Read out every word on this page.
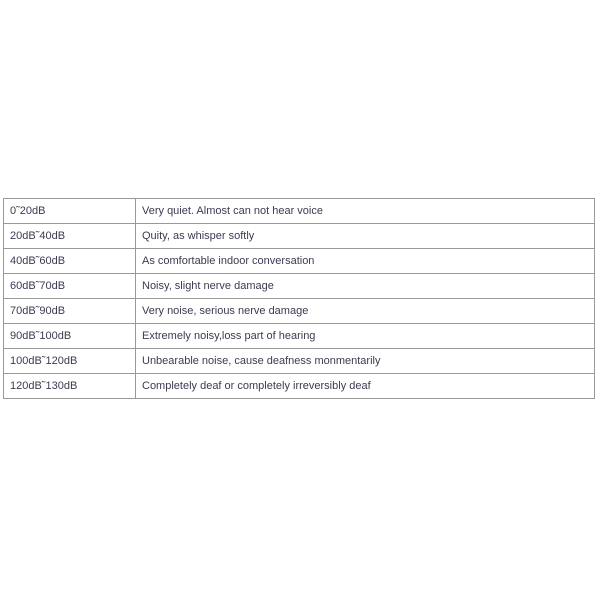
0˜20dB	Very quiet. Almost can not hear voice
20dB˜40dB	Quity, as whisper softly
40dB˜60dB	As comfortable indoor conversation
60dB˜70dB	Noisy, slight nerve damage
70dB˜90dB	Very noise, serious nerve damage
90dB˜100dB	Extremely noisy,loss part of hearing
100dB˜120dB	Unbearable noise, cause deafness monmentarily
120dB˜130dB	Completely deaf or completely irreversibly deaf
